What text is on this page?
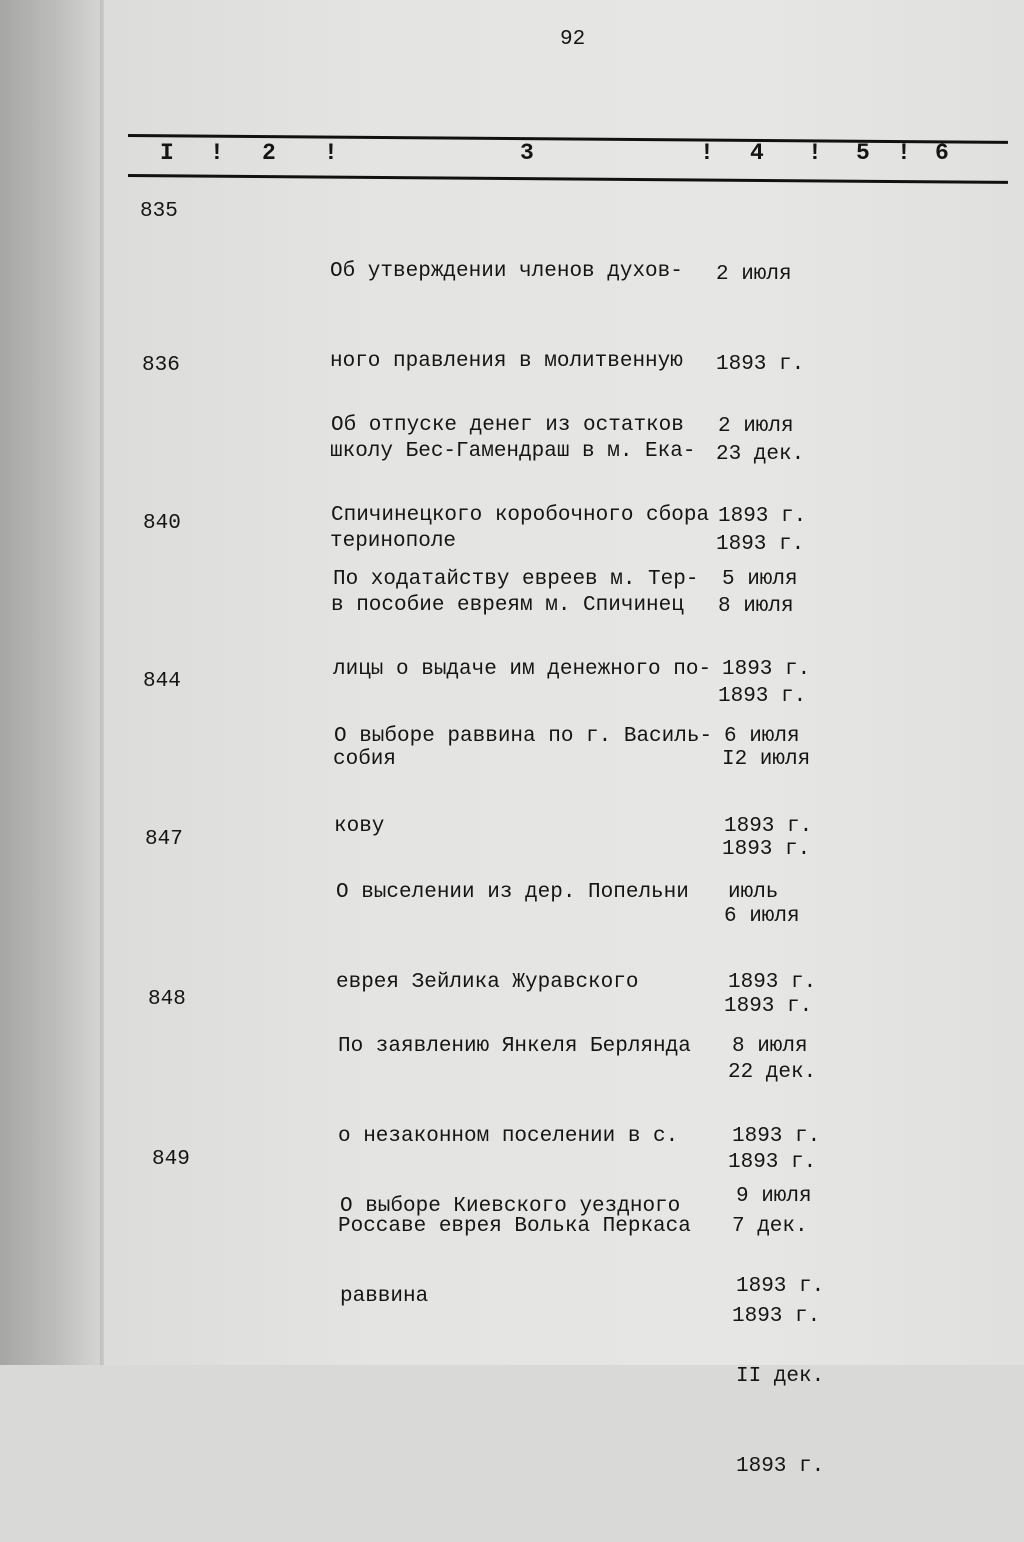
92
I ! 2 !	3	! 4 ! 5 ! 6
835

Об утверждении членов духов-

ного правления в молитвенную

школу Бес-Гамендраш в м. Ека-

теринополе

2 июля

1893 г.

23 дек.

1893 г.

836

Об отпуске денег из остатков

Спичинецкого коробочного сбора

в пособие евреям м. Спичинец

2 июля

1893 г.

8 июля

1893 г.

840

По ходатайству евреев м. Тер-

лицы о выдаче им денежного по-

собия

5 июля

1893 г.

I2 июля

1893 г.

844

О выборе раввина по г. Василь-

кову

6 июля

1893 г.

6 июля

1893 г.

847

О выселении из дер. Попельни

еврея Зейлика Журавского

июль

1893 г.

22 дек.

1893 г.

848

По заявлению Янкеля Берлянда

о незаконном поселении в с.

Россаве еврея Волька Перкаса

8 июля

1893 г.

7 дек.

1893 г.

849

О выборе Киевского уездного

раввина

9 июля

1893 г.

II дек.

1893 г.
